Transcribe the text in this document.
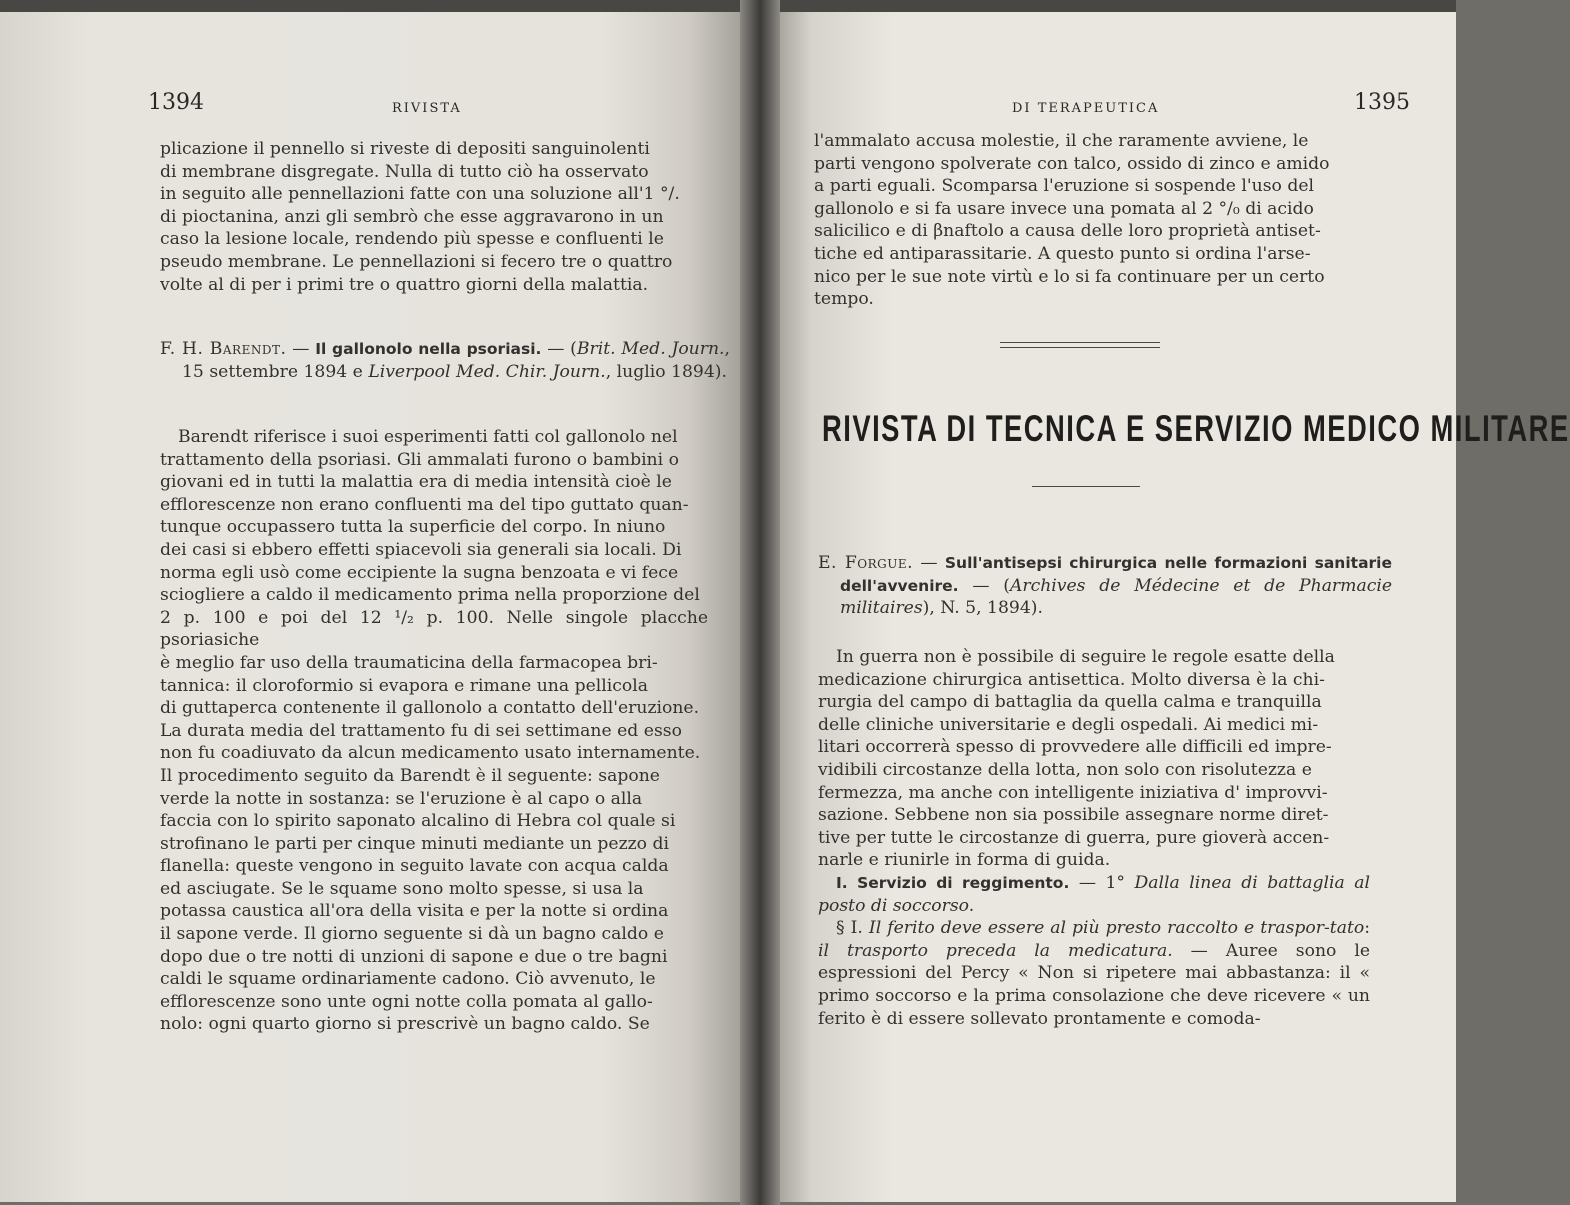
1394	RIVISTA

plicazione il pennello si riveste di depositi sanguinolenti

di membrane disgregate. Nulla di tutto ciò ha osservato

in seguito alle pennellazioni fatte con una soluzione all'1 °/.

di pioctanina, anzi gli sembrò che esse aggravarono in un

caso la lesione locale, rendendo più spesse e confluenti le

pseudo membrane. Le pennellazioni si fecero tre o quattro

volte al di per i primi tre o quattro giorni della malattia.

F. H. Barendt. — Il gallonolo nella psoriasi. — (Brit. Med. Journ., 15 settembre 1894 e Liverpool Med. Chir. Journ., luglio 1894).

Barendt riferisce i suoi esperimenti fatti col gallonolo nel

trattamento della psoriasi. Gli ammalati furono o bambini o

giovani ed in tutti la malattia era di media intensità cioè le

efflorescenze non erano confluenti ma del tipo guttato quan-

tunque occupassero tutta la superficie del corpo. In niuno

dei casi si ebbero effetti spiacevoli sia generali sia locali. Di

norma egli usò come eccipiente la sugna benzoata e vi fece

sciogliere a caldo il medicamento prima nella proporzione del

2 p. 100 e poi del 12 ¹/₂ p. 100. Nelle singole placche psoriasiche

è meglio far uso della traumaticina della farmacopea bri-

tannica: il cloroformio si evapora e rimane una pellicola

di guttaperca contenente il gallonolo a contatto dell'eruzione.

La durata media del trattamento fu di sei settimane ed esso

non fu coadiuvato da alcun medicamento usato internamente.

Il procedimento seguito da Barendt è il seguente: sapone

verde la notte in sostanza: se l'eruzione è al capo o alla

faccia con lo spirito saponato alcalino di Hebra col quale si

strofinano le parti per cinque minuti mediante un pezzo di

flanella: queste vengono in seguito lavate con acqua calda

ed asciugate. Se le squame sono molto spesse, si usa la

potassa caustica all'ora della visita e per la notte si ordina

il sapone verde. Il giorno seguente si dà un bagno caldo e

dopo due o tre notti di unzioni di sapone e due o tre bagni

caldi le squame ordinariamente cadono. Ciò avvenuto, le

efflorescenze sono unte ogni notte colla pomata al gallo-

nolo: ogni quarto giorno si prescrivè un bagno caldo. Se

DI TERAPEUTICA	1395

l'ammalato accusa molestie, il che raramente avviene, le

parti vengono spolverate con talco, ossido di zinco e amido

a parti eguali. Scomparsa l'eruzione si sospende l'uso del

gallonolo e si fa usare invece una pomata al 2 °/₀ di acido

salicilico e di βnaftolo a causa delle loro proprietà antiset-

tiche ed antiparassitarie. A questo punto si ordina l'arse-

nico per le sue note virtù e lo si fa continuare per un certo

tempo.

E. Forgue. — Sull'antisepsi chirurgica nelle formazioni sanitarie dell'avvenire. — (Archives de Médecine et de Pharmacie militaires), N. 5, 1894).

In guerra non è possibile di seguire le regole esatte della

medicazione chirurgica antisettica. Molto diversa è la chi-

rurgia del campo di battaglia da quella calma e tranquilla

delle cliniche universitarie e degli ospedali. Ai medici mi-

litari occorrerà spesso di provvedere alle difficili ed impre-

vidibili circostanze della lotta, non solo con risolutezza e

fermezza, ma anche con intelligente iniziativa d' improvvi-

sazione. Sebbene non sia possibile assegnare norme diret-

tive per tutte le circostanze di guerra, pure gioverà accen-

narle e riunirle in forma di guida.

I. Servizio di reggimento. — 1° Dalla linea di battaglia al posto di soccorso.

§ I. Il ferito deve essere al più presto raccolto e traspor-tato: il trasporto preceda la medicatura. — Auree sono le espressioni del Percy « Non si ripetere mai abbastanza: il « primo soccorso e la prima consolazione che deve ricevere « un ferito è di essere sollevato prontamente e comoda-

RIVISTA DI TECNICA E SERVIZIO MEDICO MILITARE
